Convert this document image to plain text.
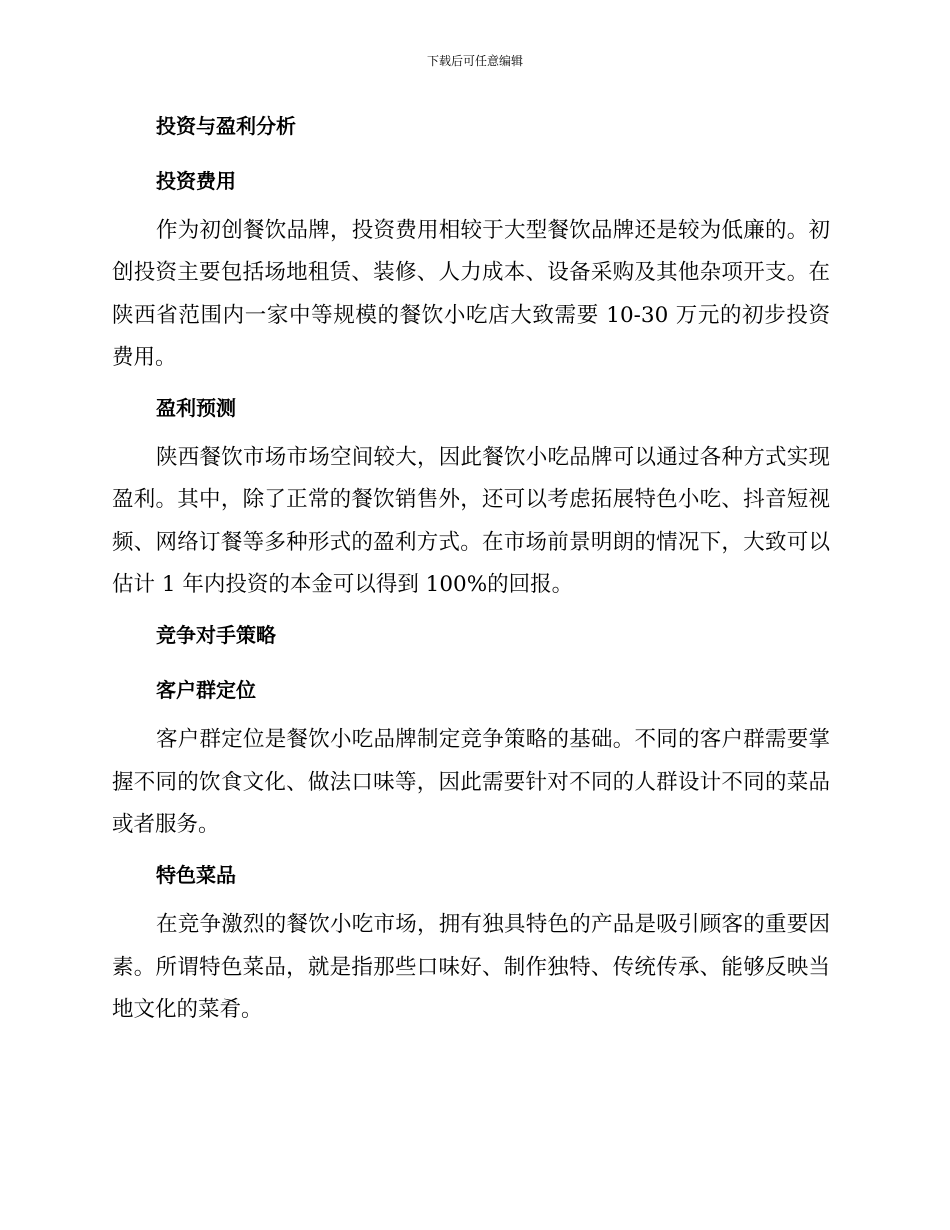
下载后可任意编辑
投资与盈利分析
投资费用

作为初创餐饮品牌，投资费用相较于大型餐饮品牌还是较为低廉的。初创投资主要包括场地租赁、装修、人力成本、设备采购及其他杂项开支。在陕西省范围内一家中等规模的餐饮小吃店大致需要 10-30 万元的初步投资费用。

盈利预测

陕西餐饮市场市场空间较大，因此餐饮小吃品牌可以通过各种方式实现盈利。其中，除了正常的餐饮销售外，还可以考虑拓展特色小吃、抖音短视频、网络订餐等多种形式的盈利方式。在市场前景明朗的情况下，大致可以估计 1 年内投资的本金可以得到 100%的回报。

竞争对手策略
客户群定位

客户群定位是餐饮小吃品牌制定竞争策略的基础。不同的客户群需要掌握不同的饮食文化、做法口味等，因此需要针对不同的人群设计不同的菜品或者服务。

特色菜品

在竞争激烈的餐饮小吃市场，拥有独具特色的产品是吸引顾客的重要因素。所谓特色菜品，就是指那些口味好、制作独特、传统传承、能够反映当地文化的菜肴。
